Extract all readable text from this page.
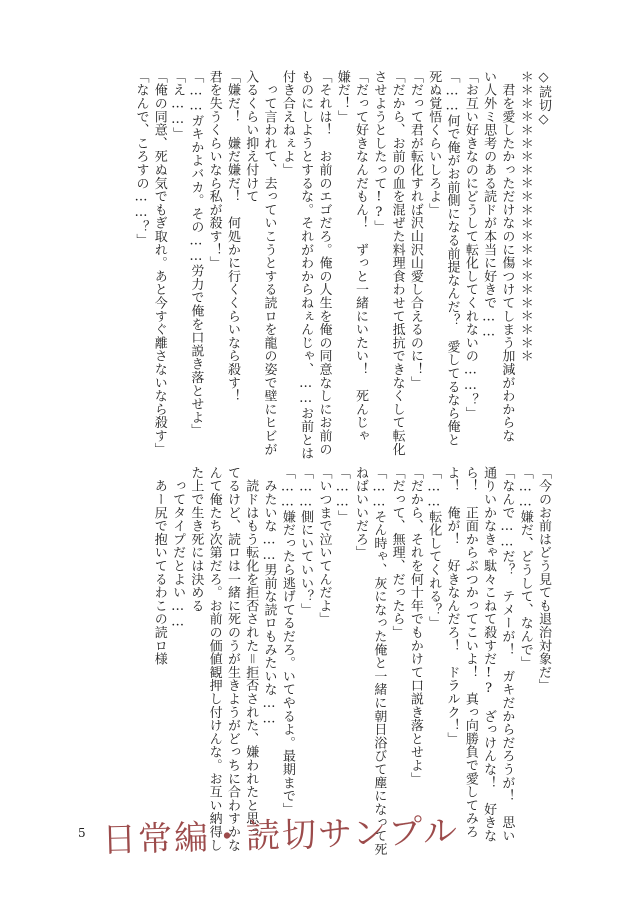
◇読切◇
＊＊＊＊＊＊＊＊＊＊＊＊＊＊＊＊＊＊＊＊＊＊
　君を愛したかっただけなのに傷つけてしまう加減がわからな
い人外ミ思考のある読ドが本当に好きで……
「お互い好きなのにどうして転化してくれないの……？」
「……何で俺がお前側になる前提なんだ？　愛してるなら俺と
死ぬ覚悟くらいしろよ」
「だって君が転化すれば沢山沢山愛し合えるのに！」
「だから、お前の血を混ぜた料理食わせて抵抗できなくして転化
させようとしたって!?」
「だって好きなんだもん！　ずっと一緒にいたい！　死んじゃ
嫌だ！」
「それは！　お前のエゴだろ。俺の人生を俺の同意なしにお前の
ものにしようとするな。それがわからねぇんじゃ、……お前とは
付き合えねぇよ」
　って言われて、去っていこうとする読ロを龍の姿で壁にヒビが
入るくらい抑え付けて
「嫌だ！　嫌だ嫌だ！　何処かに行くくらいなら殺す！
君を失うくらいなら私が殺す！」
「……ガキかよバカ。その……労力で俺を口説き落とせよ」
「え……」
「俺の同意、死ぬ気でもぎ取れ。あと今すぐ離さないなら殺す」
「なんで、ころすの……？」
「今のお前はどう見ても退治対象だ」
「……嫌だ、どうして、なんで」
「なんで……だ？　テメーが！　ガキだからだろうが！　思い
通りいかなきゃ駄々こねて殺すだ!?　ざっけんな！　好きな
ら！　正面からぶつかってこいよ！　真っ向勝負で愛してみろ
よ！　俺が！　好きなんだろ！　ドラルク！」
「……転化してくれる？」
「だから、それを何十年でもかけて口説き落とせよ」
「だって、無理、だったら」
「……そん時ゃ、灰になった俺と一緒に朝日浴びて塵になって死
ねばいいだろ」
「……」
「いつまで泣いてんだよ」
「……側にいていい？」
「……嫌だったら逃げてるだろ。いてやるよ。最期まで」
　みたいな……男前な読ロもみたいな……
　読ドはもう転化を拒否された＝拒否された、嫌われたと思っ
てるけど、読ロは一緒に死のうが生きようがどっちに合わすかな
んて俺たち次第だろ。お前の価値観押し付けんな。お互い納得し
た上で生き死には決める
　ってタイプだとよい……
　あー尻で抱いてるわこの読ロ様
5 日常編・読切サンプル
